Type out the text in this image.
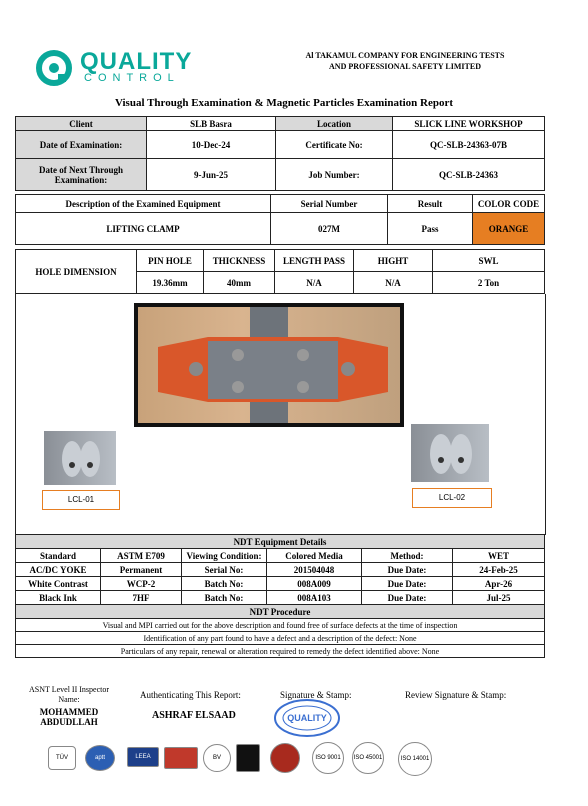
QUALITY
CONTROL
Al TAKAMUL COMPANY FOR ENGINEERING TESTS
AND PROFESSIONAL SAFETY LIMITED
Visual Through Examination & Magnetic Particles Examination Report
Client	SLB Basra	Location	SLICK LINE WORKSHOP
Date of Examination:	10-Dec-24	Certificate No:	QC-SLB-24363-07B
Date of Next Through Examination:	9-Jun-25	Job Number:	QC-SLB-24363
Description of the Examined Equipment	Serial Number	Result	COLOR CODE
LIFTING CLAMP	027M	Pass	ORANGE
HOLE DIMENSION	PIN HOLE	THICKNESS	LENGTH PASS	HIGHT	SWL
	19.36mm	40mm	N/A	N/A	2 Ton
LCL-01	LCL-02
NDT Equipment Details					
Standard	ASTM E709	Viewing Condition:	Colored Media	Method:	WET
AC/DC YOKE	Permanent	Serial No:	201504048	Due Date:	24-Feb-25
White Contrast	WCP-2	Batch No:	008A009	Due Date:	Apr-26
Black Ink	7HF	Batch No:	008A103	Due Date:	Jul-25
NDT Procedure					
Visual and MPI carried out for the above description and found free of surface defects at the time of inspection					
Identification of any part found to have a defect and a description of the defect: None					
Particulars of any repair, renewal or alteration required to remedy the defect identified above: None					
ASNT Level II Inspector Name:
MOHAMMED ABDUDLLAH
Authenticating This Report:
ASHRAF ELSAAD
Signature & Stamp:	Review Signature & Stamp:
QUALITY
TÜV	aptt	LEEA	BV	ISO 9001	ISO 45001	ISO 14001
